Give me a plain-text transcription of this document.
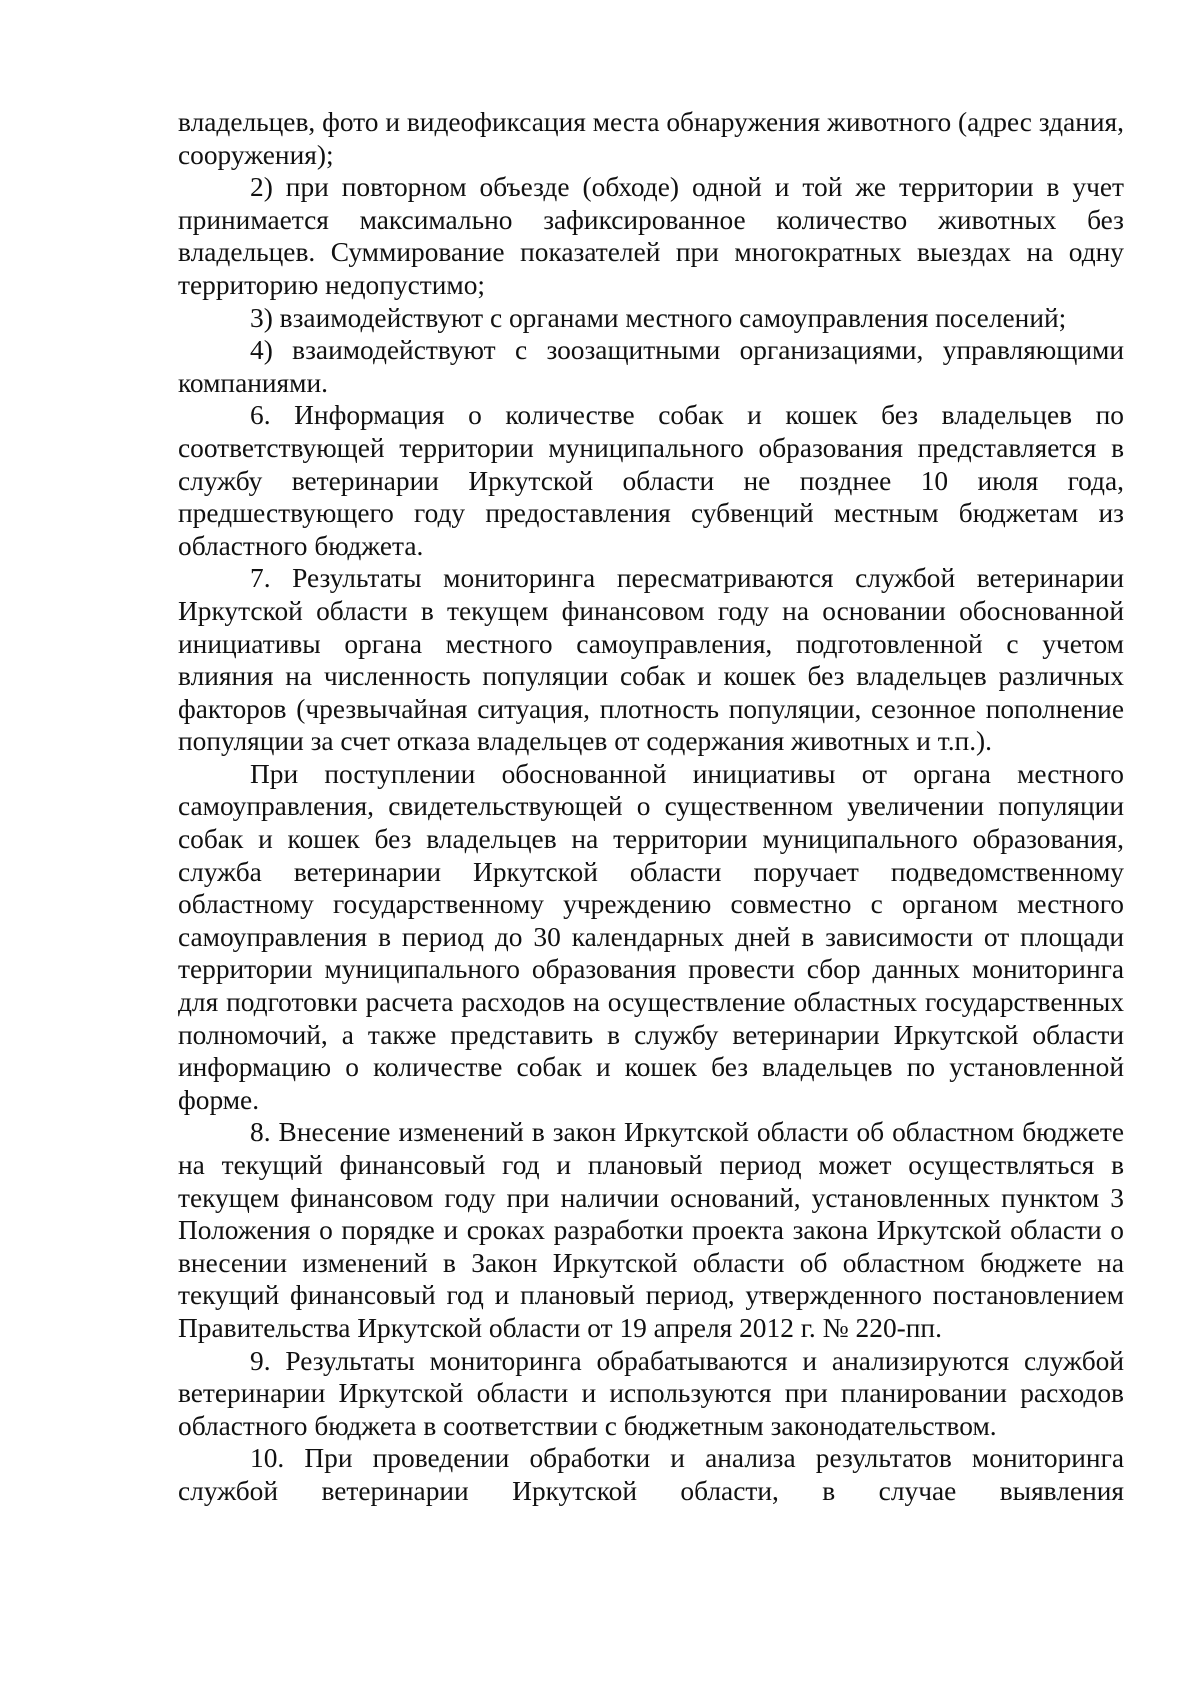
владельцев, фото и видеофиксация места обнаружения животного (адрес здания, сооружения);

2) при повторном объезде (обходе) одной и той же территории в учет принимается максимально зафиксированное количество животных без владельцев. Суммирование показателей при многократных выездах на одну территорию недопустимо;

3) взаимодействуют с органами местного самоуправления поселений;

4) взаимодействуют с зоозащитными организациями, управляющими компаниями.

6. Информация о количестве собак и кошек без владельцев по соответствующей территории муниципального образования представляется в службу ветеринарии Иркутской области не позднее 10 июля года, предшествующего году предоставления субвенций местным бюджетам из областного бюджета.

7. Результаты мониторинга пересматриваются службой ветеринарии Иркутской области в текущем финансовом году на основании обоснованной инициативы органа местного самоуправления, подготовленной с учетом влияния на численность популяции собак и кошек без владельцев различных факторов (чрезвычайная ситуация, плотность популяции, сезонное пополнение популяции за счет отказа владельцев от содержания животных и т.п.).

При поступлении обоснованной инициативы от органа местного самоуправления, свидетельствующей о существенном увеличении популяции собак и кошек без владельцев на территории муниципального образования, служба ветеринарии Иркутской области поручает подведомственному областному государственному учреждению совместно с органом местного самоуправления в период до 30 календарных дней в зависимости от площади территории муниципального образования провести сбор данных мониторинга для подготовки расчета расходов на осуществление областных государственных полномочий, а также представить в службу ветеринарии Иркутской области информацию о количестве собак и кошек без владельцев по установленной форме.

8. Внесение изменений в закон Иркутской области об областном бюджете на текущий финансовый год и плановый период может осуществляться в текущем финансовом году при наличии оснований, установленных пунктом 3 Положения о порядке и сроках разработки проекта закона Иркутской области о внесении изменений в Закон Иркутской области об областном бюджете на текущий финансовый год и плановый период, утвержденного постановлением Правительства Иркутской области от 19 апреля 2012 г. № 220-пп.

9. Результаты мониторинга обрабатываются и анализируются службой ветеринарии Иркутской области и используются при планировании расходов областного бюджета в соответствии с бюджетным законодательством.

10. При проведении обработки и анализа результатов мониторинга службой ветеринарии Иркутской области, в случае выявления
